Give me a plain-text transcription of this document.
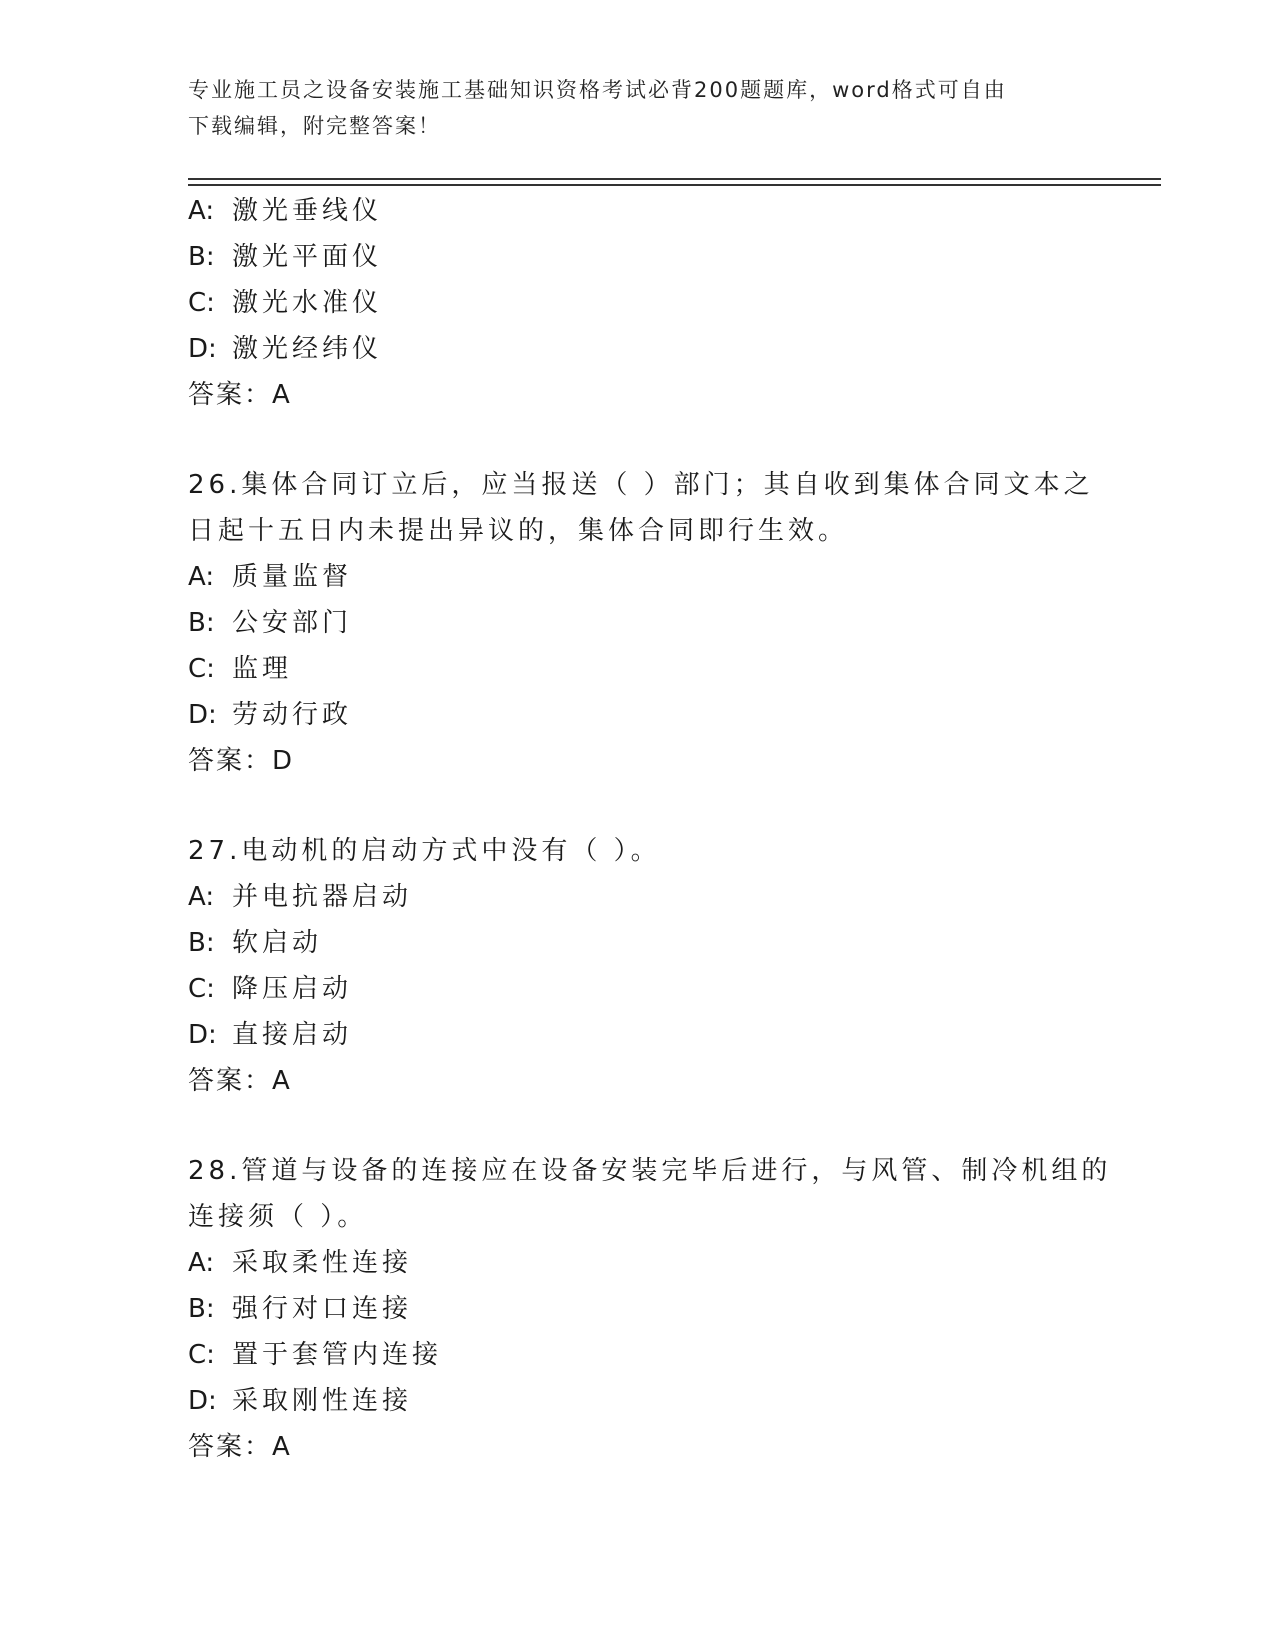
专业施工员之设备安装施工基础知识资格考试必背200题题库，word格式可自由
下载编辑，附完整答案！
A: 激光垂线仪
B: 激光平面仪
C: 激光水准仪
D: 激光经纬仪
答案：A
26.集体合同订立后，应当报送（ ）部门；其自收到集体合同文本之
日起十五日内未提出异议的，集体合同即行生效。
A: 质量监督
B: 公安部门
C: 监理
D: 劳动行政
答案：D
27.电动机的启动方式中没有（ ）。
A: 并电抗器启动
B: 软启动
C: 降压启动
D: 直接启动
答案：A
28.管道与设备的连接应在设备安装完毕后进行，与风管、制冷机组的
连接须（ ）。
A: 采取柔性连接
B: 强行对口连接
C: 置于套管内连接
D: 采取刚性连接
答案：A
